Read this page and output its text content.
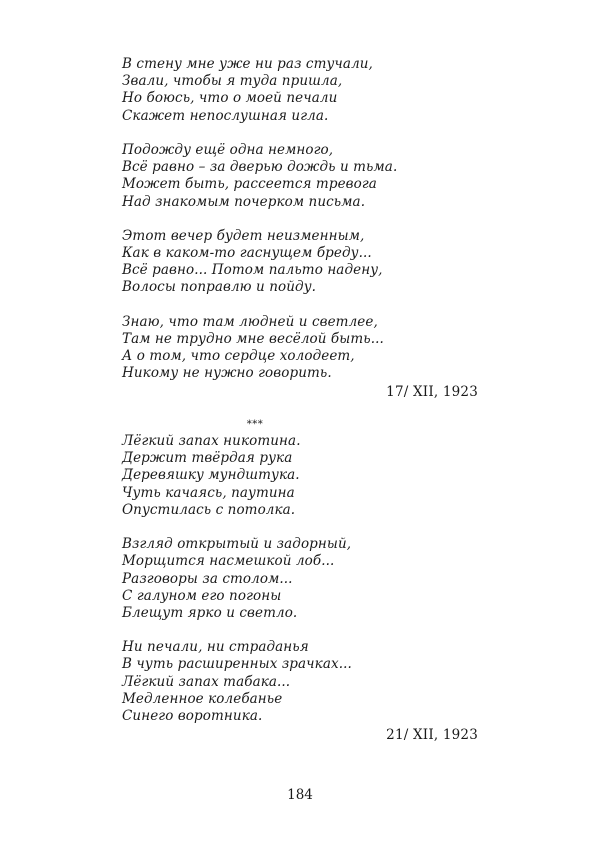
В стену мне уже ни раз стучали,
Звали, чтобы я туда пришла,
Но боюсь, что о моей печали
Скажет непослушная игла.
Подожду ещё одна немного,
Всё равно – за дверью дождь и тьма.
Может быть, рассеется тревога
Над знакомым почерком письма.
Этот вечер будет неизменным,
Как в каком-то гаснущем бреду...
Всё равно... Потом пальто надену,
Волосы поправлю и пойду.
Знаю, что там людней и светлее,
Там не трудно мне весёлой быть...
А о том, что сердце холодеет,
Никому не нужно говорить.
17/ XII, 1923
***
Лёгкий запах никотина.
Держит твёрдая рука
Деревяшку мундштука.
Чуть качаясь, паутина
Опустилась с потолка.
Взгляд открытый и задорный,
Морщится насмешкой лоб...
Разговоры за столом...
С галуном его погоны
Блещут ярко и светло.
Ни печали, ни страданья
В чуть расширенных зрачках...
Лёгкий запах табака...
Медленное колебанье
Синего воротника.
21/ XII, 1923
184
